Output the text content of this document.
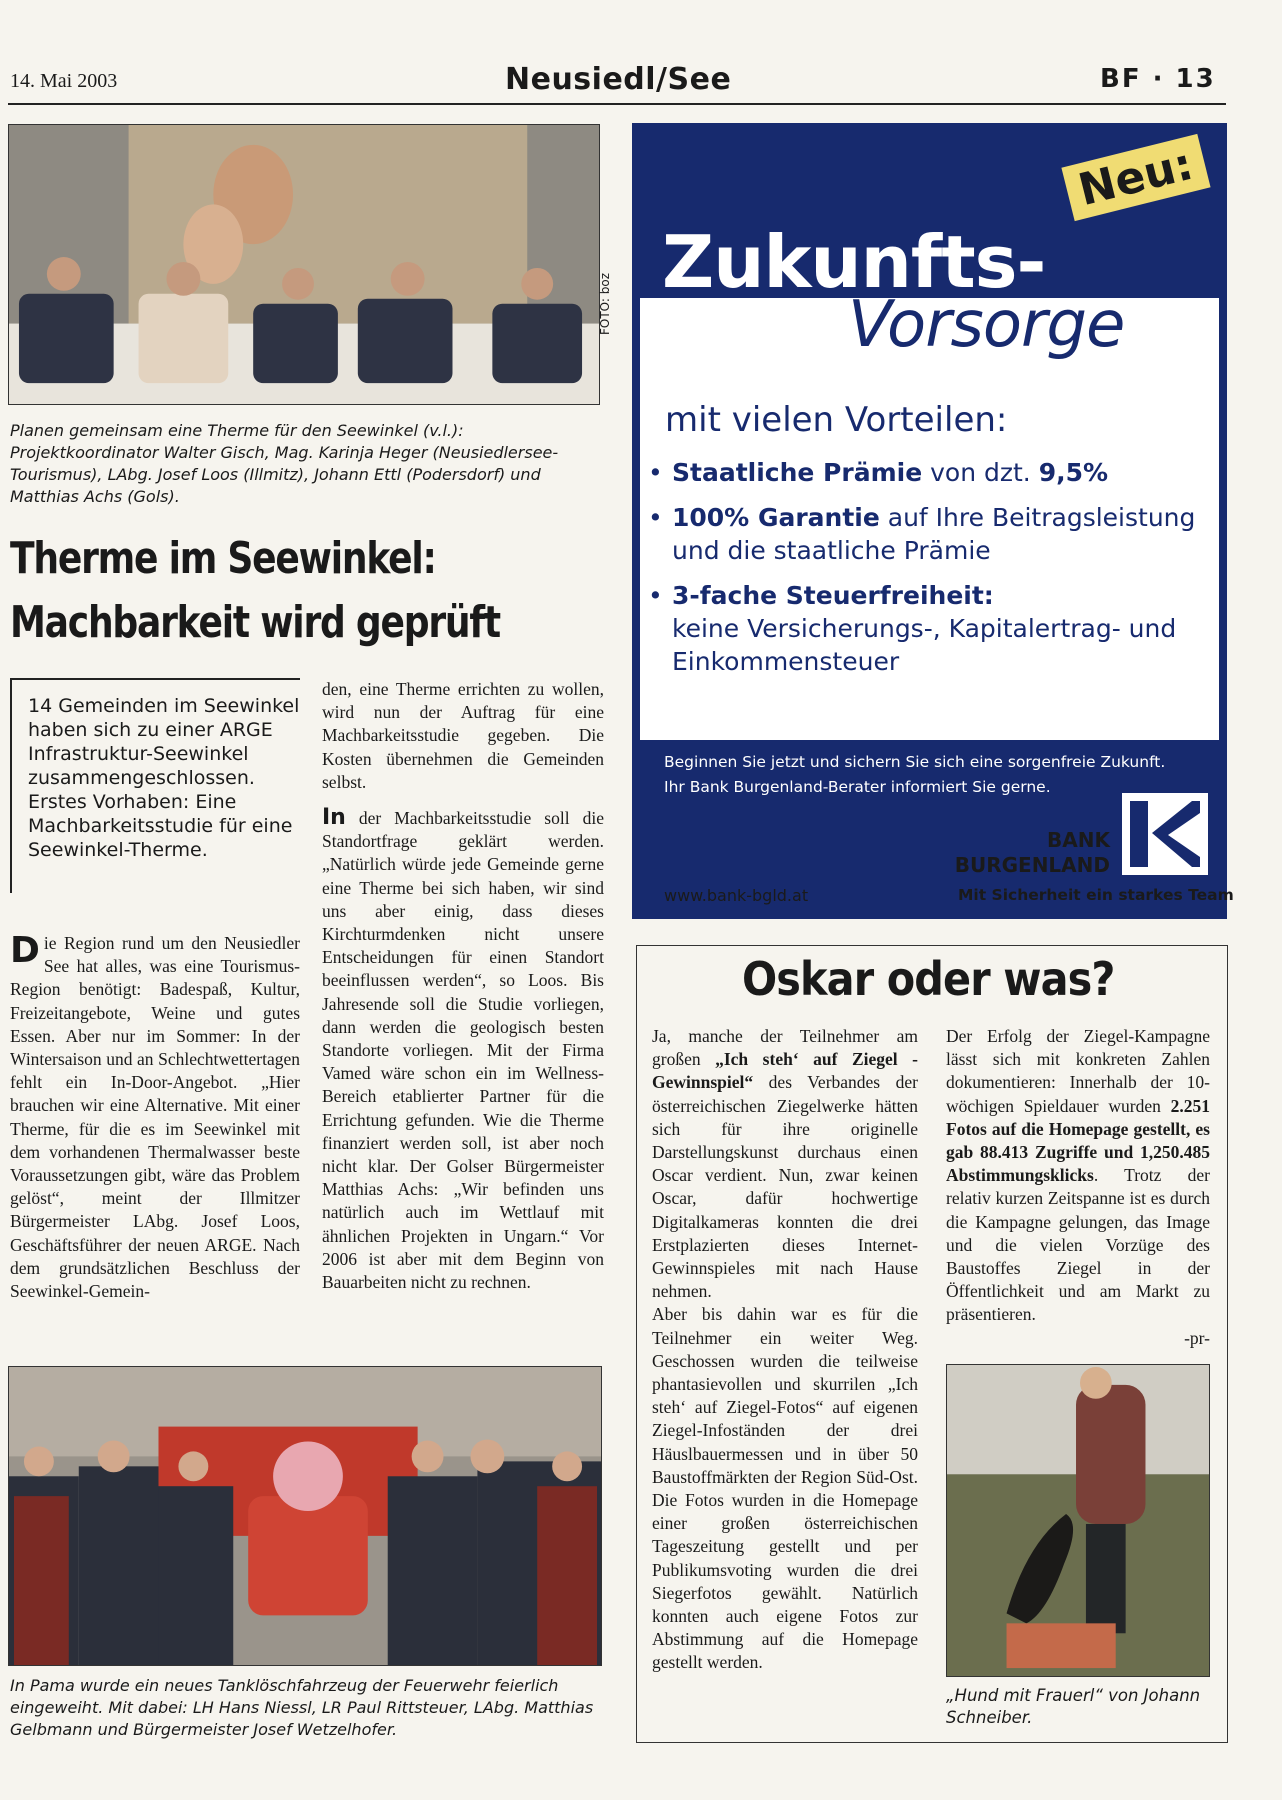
14. Mai 2003	Neusiedl/See	BF · 13
FOTO: boz
Planen gemeinsam eine Therme für den Seewinkel (v.l.): Projektkoordinator Walter Gisch, Mag. Karinja Heger (Neusiedlersee-Tourismus), LAbg. Josef Loos (Illmitz), Johann Ettl (Podersdorf) und Matthias Achs (Gols).
Therme im Seewinkel:
Machbarkeit wird geprüft
14 Gemeinden im Seewinkel haben sich zu einer ARGE Infrastruktur-Seewinkel zusammengeschlossen. Erstes Vorhaben: Eine Machbarkeitsstudie für eine Seewinkel-Therme.
Die Region rund um den Neusiedler See hat alles, was eine Tourismus-Region benötigt: Badespaß, Kultur, Freizeitangebote, Weine und gutes Essen. Aber nur im Sommer: In der Wintersaison und an Schlechtwettertagen fehlt ein In-Door-Angebot. „Hier brauchen wir eine Alternative. Mit einer Therme, für die es im Seewinkel mit dem vorhandenen Thermalwasser beste Voraussetzungen gibt, wäre das Problem gelöst“, meint der Illmitzer Bürgermeister LAbg. Josef Loos, Geschäftsführer der neuen ARGE. Nach dem grundsätzlichen Beschluss der Seewinkel-Gemein-
den, eine Therme errichten zu wollen, wird nun der Auftrag für eine Machbarkeitsstudie gegeben. Die Kosten übernehmen die Gemeinden selbst.
In der Machbarkeitsstudie soll die Standortfrage geklärt werden. „Natürlich würde jede Gemeinde gerne eine Therme bei sich haben, wir sind uns aber einig, dass dieses Kirchturmdenken nicht unsere Entscheidungen für einen Standort beeinflussen werden“, so Loos. Bis Jahresende soll die Studie vorliegen, dann werden die geologisch besten Standorte vorliegen. Mit der Firma Vamed wäre schon ein im Wellness-Bereich etablierter Partner für die Errichtung gefunden. Wie die Therme finanziert werden soll, ist aber noch nicht klar. Der Golser Bürgermeister Matthias Achs: „Wir befinden uns natürlich auch im Wettlauf mit ähnlichen Projekten in Ungarn.“ Vor 2006 ist aber mit dem Beginn von Bauarbeiten nicht zu rechnen.
In Pama wurde ein neues Tanklöschfahrzeug der Feuerwehr feierlich eingeweiht. Mit dabei: LH Hans Niessl, LR Paul Rittsteuer, LAbg. Matthias Gelbmann und Bürgermeister Josef Wetzelhofer.
Neu:
Zukunfts-
Vorsorge
mit vielen Vorteilen:
• Staatliche Prämie von dzt. 9,5%
• 100% Garantie auf Ihre Beitragsleistung und die staatliche Prämie
• 3-fache Steuerfreiheit:
keine Versicherungs-, Kapitalertrag- und Einkommensteuer
Beginnen Sie jetzt und sichern Sie sich eine sorgenfreie Zukunft.
Ihr Bank Burgenland-Berater informiert Sie gerne.
BANK
BURGENLAND
www.bank-bgld.at	Mit Sicherheit ein starkes Team
Oskar oder was?
Ja, manche der Teilnehmer am großen „Ich steh‘ auf Ziegel - Gewinnspiel“ des Verbandes der österreichischen Ziegelwerke hätten sich für ihre originelle Darstellungskunst durchaus einen Oscar verdient. Nun, zwar keinen Oscar, dafür hochwertige Digitalkameras konnten die drei Erstplazierten dieses Internet-Gewinnspieles mit nach Hause nehmen.
Aber bis dahin war es für die Teilnehmer ein weiter Weg. Geschossen wurden die teilweise phantasievollen und skurrilen „Ich steh‘ auf Ziegel-Fotos“ auf eigenen Ziegel-Infoständen der drei Häuslbauermessen und in über 50 Baustoffmärkten der Region Süd-Ost. Die Fotos wurden in die Homepage einer großen österreichischen Tageszeitung gestellt und per Publikumsvoting wurden die drei Siegerfotos gewählt. Natürlich konnten auch eigene Fotos zur Abstimmung auf die Homepage gestellt werden.
Der Erfolg der Ziegel-Kampagne lässt sich mit konkreten Zahlen dokumentieren: Innerhalb der 10-wöchigen Spieldauer wurden 2.251 Fotos auf die Homepage gestellt, es gab 88.413 Zugriffe und 1,250.485 Abstimmungsklicks. Trotz der relativ kurzen Zeitspanne ist es durch die Kampagne gelungen, das Image und die vielen Vorzüge des Baustoffes Ziegel in der Öffentlichkeit und am Markt zu präsentieren.
-pr-
„Hund mit Frauerl“ von Johann Schneiber.
